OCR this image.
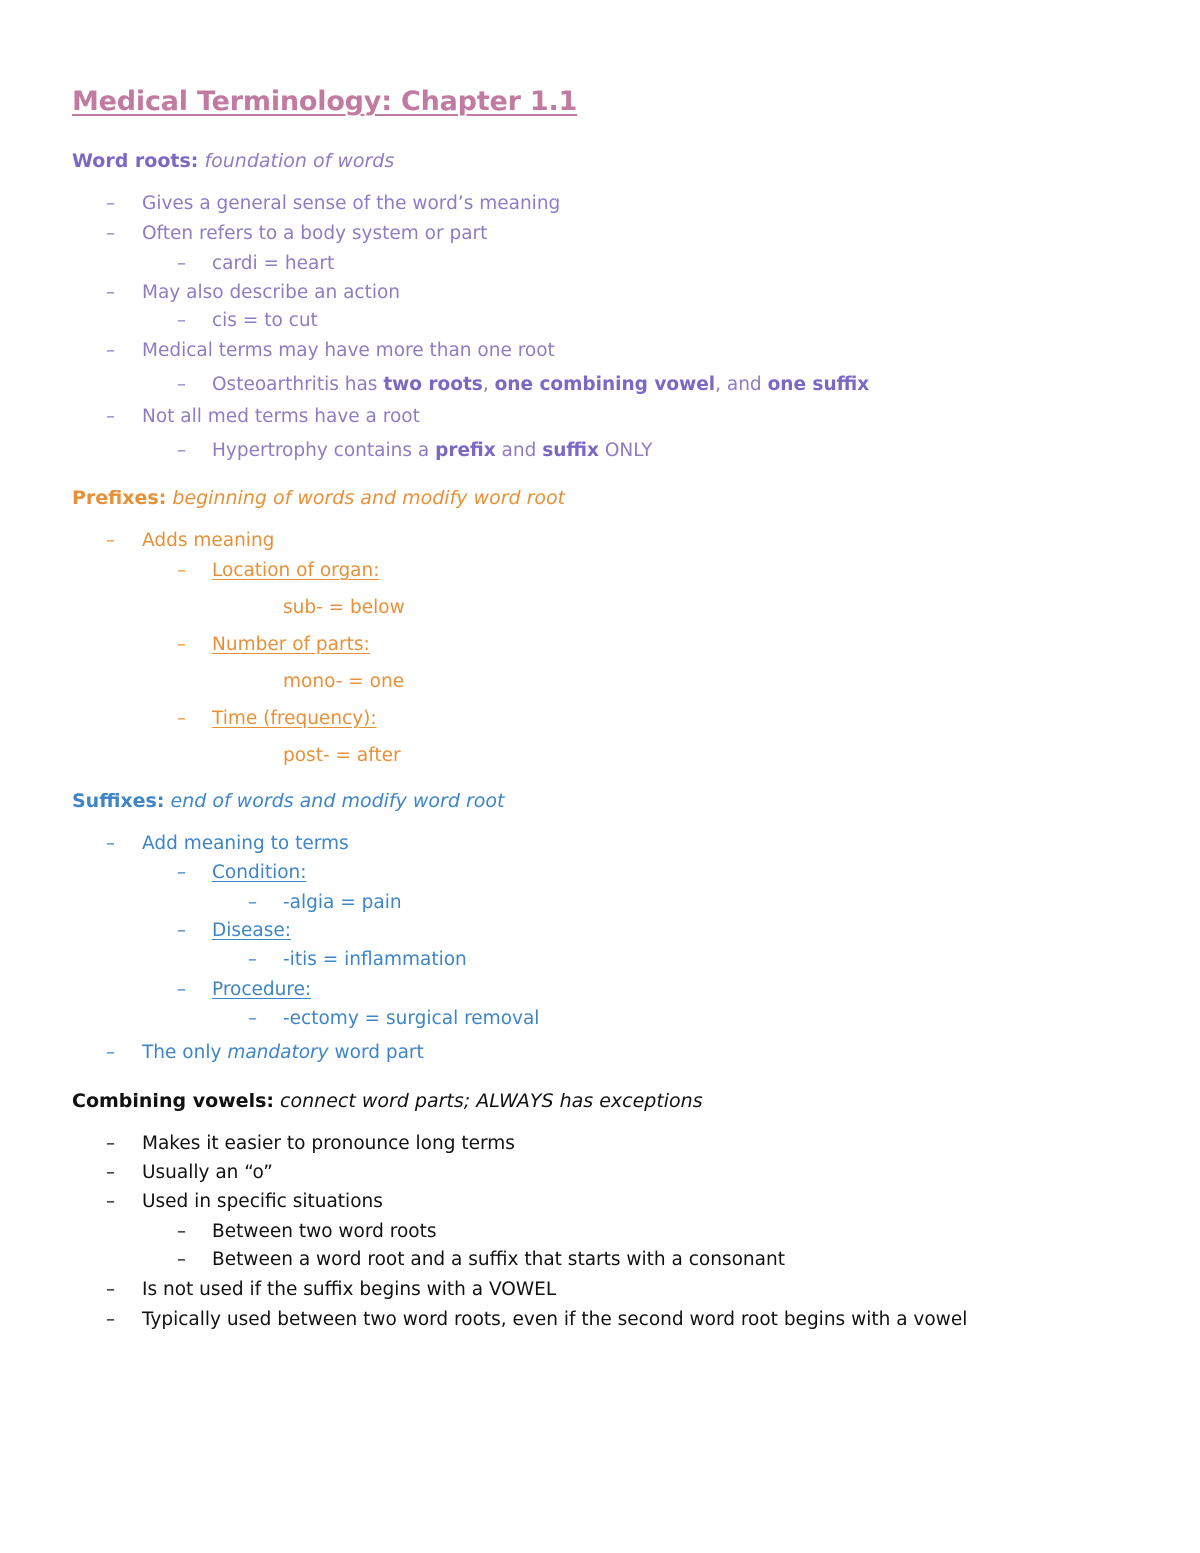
Medical Terminology: Chapter 1.1
Word roots: foundation of words
– Gives a general sense of the word’s meaning
– Often refers to a body system or part
– cardi = heart
– May also describe an action
– cis = to cut
– Medical terms may have more than one root
– Osteoarthritis has two roots, one combining vowel, and one suffix
– Not all med terms have a root
– Hypertrophy contains a prefix and suffix ONLY
Prefixes: beginning of words and modify word root
– Adds meaning
– Location of organ:
sub- = below
– Number of parts:
mono- = one
– Time (frequency):
post- = after
Suffixes: end of words and modify word root
– Add meaning to terms
– Condition:
– -algia = pain
– Disease:
– -itis = inflammation
– Procedure:
– -ectomy = surgical removal
– The only mandatory word part
Combining vowels: connect word parts; ALWAYS has exceptions
– Makes it easier to pronounce long terms
– Usually an “o”
– Used in specific situations
– Between two word roots
– Between a word root and a suffix that starts with a consonant
– Is not used if the suffix begins with a VOWEL
– Typically used between two word roots, even if the second word root begins with a vowel
